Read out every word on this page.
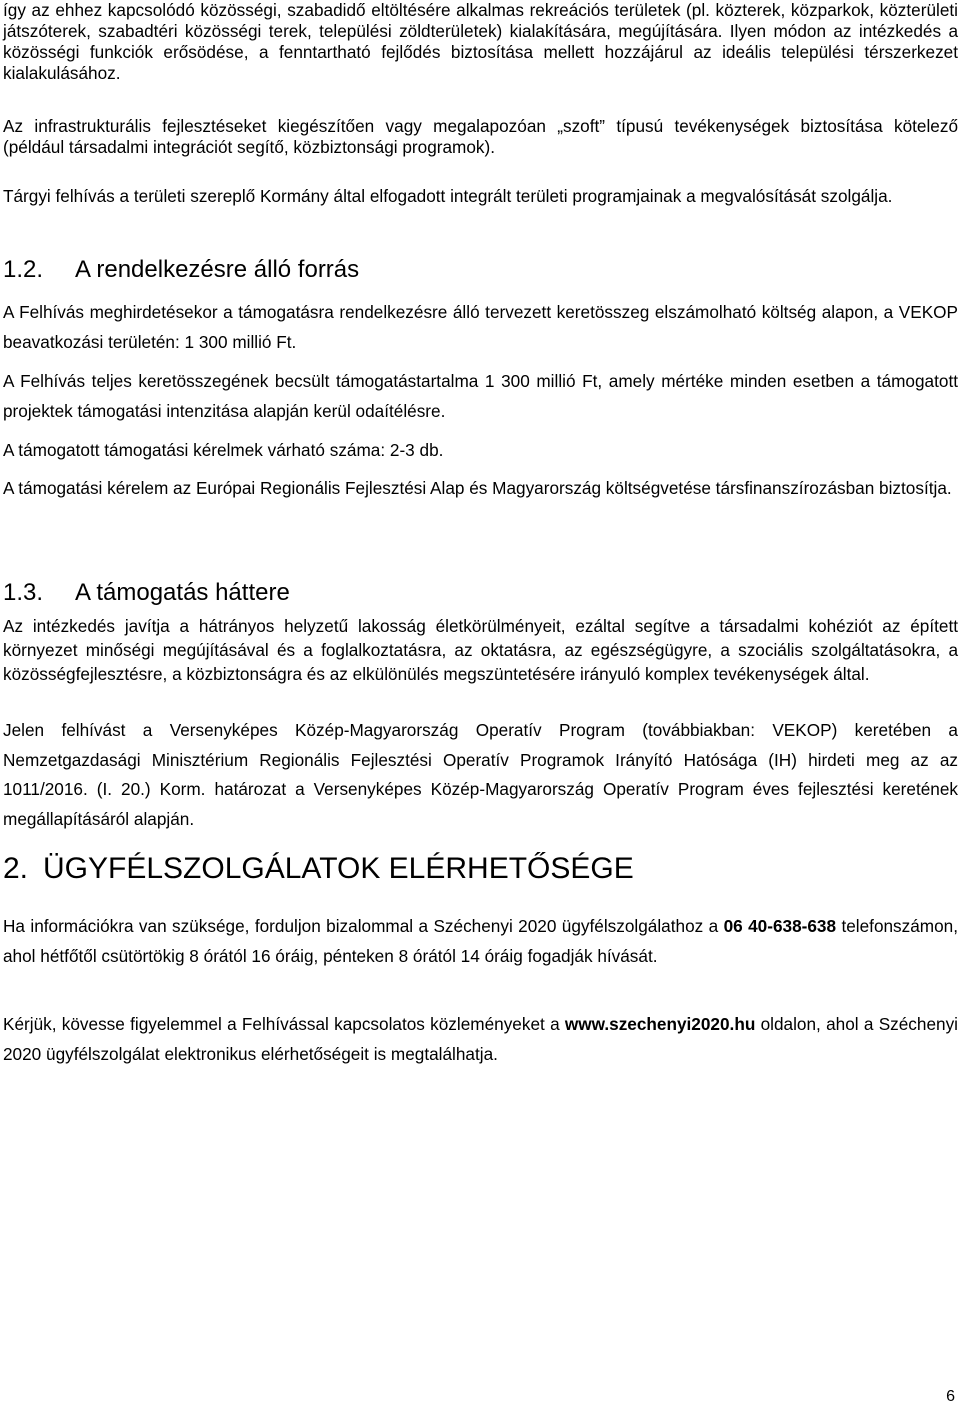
így az ehhez kapcsolódó közösségi, szabadidő eltöltésére alkalmas rekreációs területek (pl. közterek, közparkok, közterületi játszóterek, szabadtéri közösségi terek, települési zöldterületek) kialakítására, megújítására. Ilyen módon az intézkedés a közösségi funkciók erősödése, a fenntartható fejlődés biztosítása mellett hozzájárul az ideális települési térszerkezet kialakulásához.

Az infrastrukturális fejlesztéseket kiegészítően vagy megalapozóan „szoft” típusú tevékenységek biztosítása kötelező (például társadalmi integrációt segítő, közbiztonsági programok).

Tárgyi felhívás a területi szereplő Kormány által elfogadott integrált területi programjainak a megvalósítását szolgálja.

1.2. A rendelkezésre álló forrás

A Felhívás meghirdetésekor a támogatásra rendelkezésre álló tervezett keretösszeg elszámolható költség alapon, a VEKOP beavatkozási területén: 1 300 millió Ft.

A Felhívás teljes keretösszegének becsült támogatástartalma 1 300 millió Ft, amely mértéke minden esetben a támogatott projektek támogatási intenzitása alapján kerül odaítélésre.

A támogatott támogatási kérelmek várható száma: 2-3 db.

A támogatási kérelem az Európai Regionális Fejlesztési Alap és Magyarország költségvetése társfinanszírozásban biztosítja.

1.3. A támogatás háttere

Az intézkedés javítja a hátrányos helyzetű lakosság életkörülményeit, ezáltal segítve a társadalmi kohéziót az épített környezet minőségi megújításával és a foglalkoztatásra, az oktatásra, az egészségügyre, a szociális szolgáltatásokra, a közösségfejlesztésre, a közbiztonságra és az elkülönülés megszüntetésére irányuló komplex tevékenységek által.

Jelen felhívást a Versenyképes Közép-Magyarország Operatív Program (továbbiakban: VEKOP) keretében a Nemzetgazdasági Minisztérium Regionális Fejlesztési Operatív Programok Irányító Hatósága (IH) hirdeti meg az az 1011/2016. (I. 20.) Korm. határozat a Versenyképes Közép-Magyarország Operatív Program éves fejlesztési keretének megállapításáról alapján.

2. ÜGYFÉLSZOLGÁLATOK ELÉRHETŐSÉGE

Ha információkra van szüksége, forduljon bizalommal a Széchenyi 2020 ügyfélszolgálathoz a 06 40-638-638 telefonszámon, ahol hétfőtől csütörtökig 8 órától 16 óráig, pénteken 8 órától 14 óráig fogadják hívását.

Kérjük, kövesse figyelemmel a Felhívással kapcsolatos közleményeket a www.szechenyi2020.hu oldalon, ahol a Széchenyi 2020 ügyfélszolgálat elektronikus elérhetőségeit is megtalálhatja.

6
